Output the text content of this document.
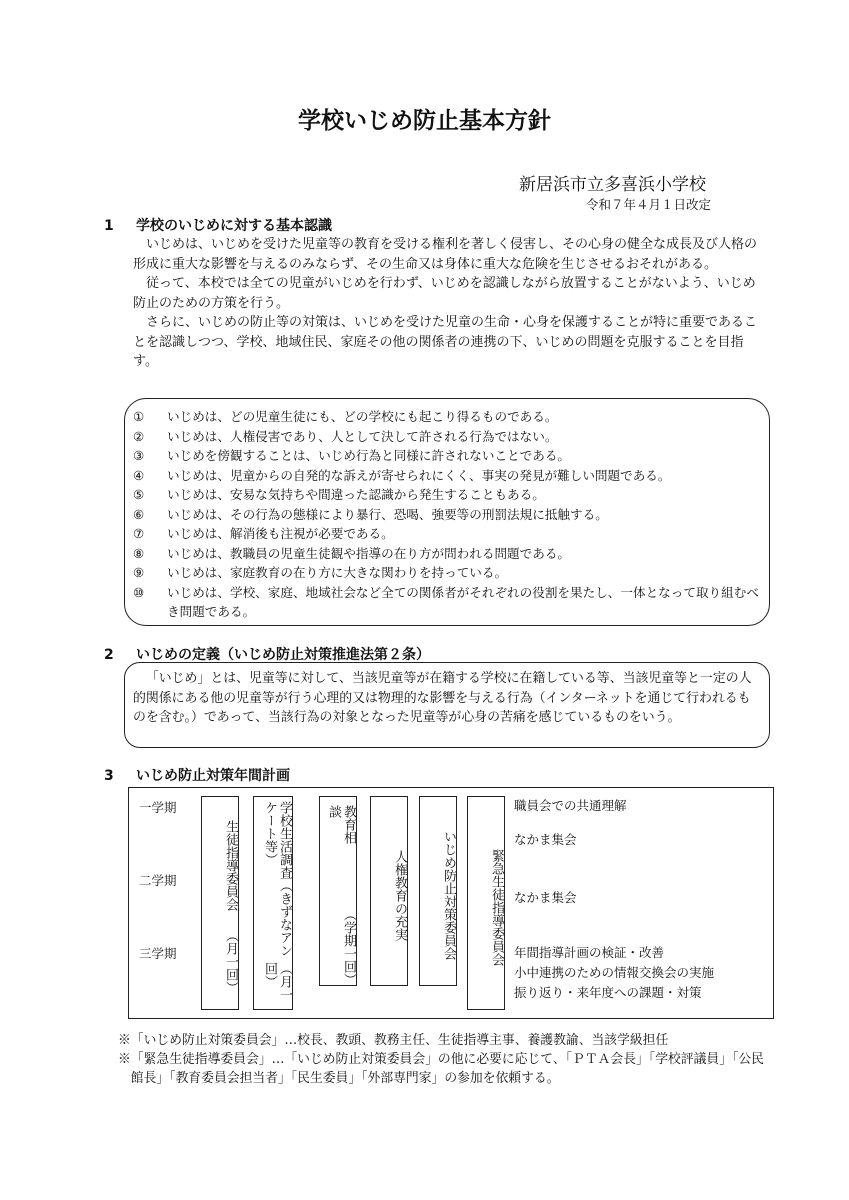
学校いじめ防止基本方針
新居浜市立多喜浜小学校
令和７年４月１日改定
1 学校のいじめに対する基本認識

いじめは、いじめを受けた児童等の教育を受ける権利を著しく侵害し、その心身の健全な成長及び人格の形成に重大な影響を与えるのみならず、その生命又は身体に重大な危険を生じさせるおそれがある。

従って、本校では全ての児童がいじめを行わず、いじめを認識しながら放置することがないよう、いじめ防止のための方策を行う。

さらに、いじめの防止等の対策は、いじめを受けた児童の生命・心身を保護することが特に重要であることを認識しつつ、学校、地域住民、家庭その他の関係者の連携の下、いじめの問題を克服することを目指す。

① いじめは、どの児童生徒にも、どの学校にも起こり得るものである。
② いじめは、人権侵害であり、人として決して許される行為ではない。
③ いじめを傍観することは、いじめ行為と同様に許されないことである。
④ いじめは、児童からの自発的な訴えが寄せられにくく、事実の発見が難しい問題である。
⑤ いじめは、安易な気持ちや間違った認識から発生することもある。
⑥ いじめは、その行為の態様により暴行、恐喝、強要等の刑罰法規に抵触する。
⑦ いじめは、解消後も注視が必要である。
⑧ いじめは、教職員の児童生徒観や指導の在り方が問われる問題である。
⑨ いじめは、家庭教育の在り方に大きな関わりを持っている。
⑩ いじめは、学校、家庭、地域社会など全ての関係者がそれぞれの役割を果たし、一体となって取り組むべき問題である。
2 いじめの定義（いじめ防止対策推進法第２条）

「いじめ」とは、児童等に対して、当該児童等が在籍する学校に在籍している等、当該児童等と一定の人的関係にある他の児童等が行う心理的又は物理的な影響を与える行為（インターネットを通じて行われるものを含む。）であって、当該行為の対象となった児童等が心身の苦痛を感じているものをいう。

3 いじめ防止対策年間計画
一学期
二学期
三学期
生徒指導委員会
（月一回）
学校生活調査（きずなアンケート等）
（月一回）
教育相談
（学期一回）
人権教育の充実	いじめ防止対策委員会	緊急生徒指導委員会
職員会での共通理解
なかま集会
なかま集会
年間指導計画の検証・改善
小中連携のための情報交換会の実施
振り返り・来年度への課題・対策
※「いじめ防止対策委員会」…校長、教頭、教務主任、生徒指導主事、養護教諭、当該学級担任
※「緊急生徒指導委員会」…「いじめ防止対策委員会」の他に必要に応じて、「ＰＴＡ会長」「学校評議員」「公民館長」「教育委員会担当者」「民生委員」「外部専門家」の参加を依頼する。
